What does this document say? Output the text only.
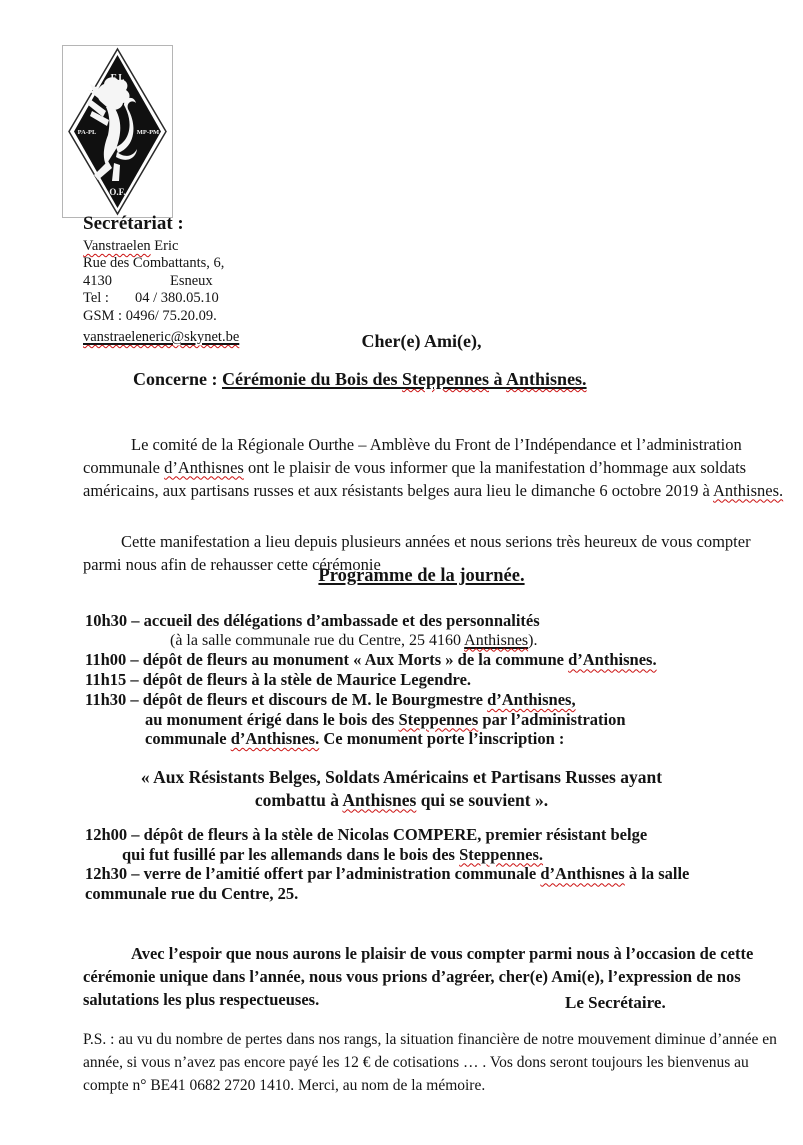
F.I.
PA-PL	MP-PM
O.F.
Secrétariat :
Vanstraelen Eric
Rue des Combattants, 6,
4130	Esneux
Tel : 04 / 380.05.10
GSM : 0496/ 75.20.09.
vanstraeleneric@skynet.be	Cher(e) Ami(e),
Concerne : Cérémonie du Bois des Steppennes à Anthisnes.

Le comité de la Régionale Ourthe – Amblève du Front de l’Indépendance et l’administration communale d’Anthisnes ont le plaisir de vous informer que la manifestation d’hommage aux soldats américains, aux partisans russes et aux résistants belges aura lieu le dimanche 6 octobre 2019 à Anthisnes.

Cette manifestation a lieu depuis plusieurs années et nous serions très heureux de vous compter parmi nous afin de rehausser cette cérémonie

Programme de la journée.
10h30 – accueil des délégations d’ambassade et des personnalités
(à la salle communale rue du Centre, 25 4160 Anthisnes).
11h00 – dépôt de fleurs au monument « Aux Morts » de la commune d’Anthisnes.
11h15 – dépôt de fleurs à la stèle de Maurice Legendre.
11h30 – dépôt de fleurs et discours de M. le Bourgmestre d’Anthisnes,
au monument érigé dans le bois des Steppennes par l’administration
communale d’Anthisnes. Ce monument porte l’inscription :
« Aux Résistants Belges, Soldats Américains et Partisans Russes ayant
combattu à Anthisnes qui se souvient ».
12h00 – dépôt de fleurs à la stèle de Nicolas COMPERE, premier résistant belge
qui fut fusillé par les allemands dans le bois des Steppennes.
12h30 – verre de l’amitié offert par l’administration communale d’Anthisnes à la salle
communale rue du Centre, 25.

Avec l’espoir que nous aurons le plaisir de vous compter parmi nous à l’occasion de cette cérémonie unique dans l’année, nous vous prions d’agréer, cher(e) Ami(e), l’expression de nos salutations les plus respectueuses.	Le Secrétaire.

P.S. : au vu du nombre de pertes dans nos rangs, la situation financière de notre mouvement diminue d’année en année, si vous n’avez pas encore payé les 12 € de cotisations … . Vos dons seront toujours les bienvenus au compte n° BE41 0682 2720 1410. Merci, au nom de la mémoire.
